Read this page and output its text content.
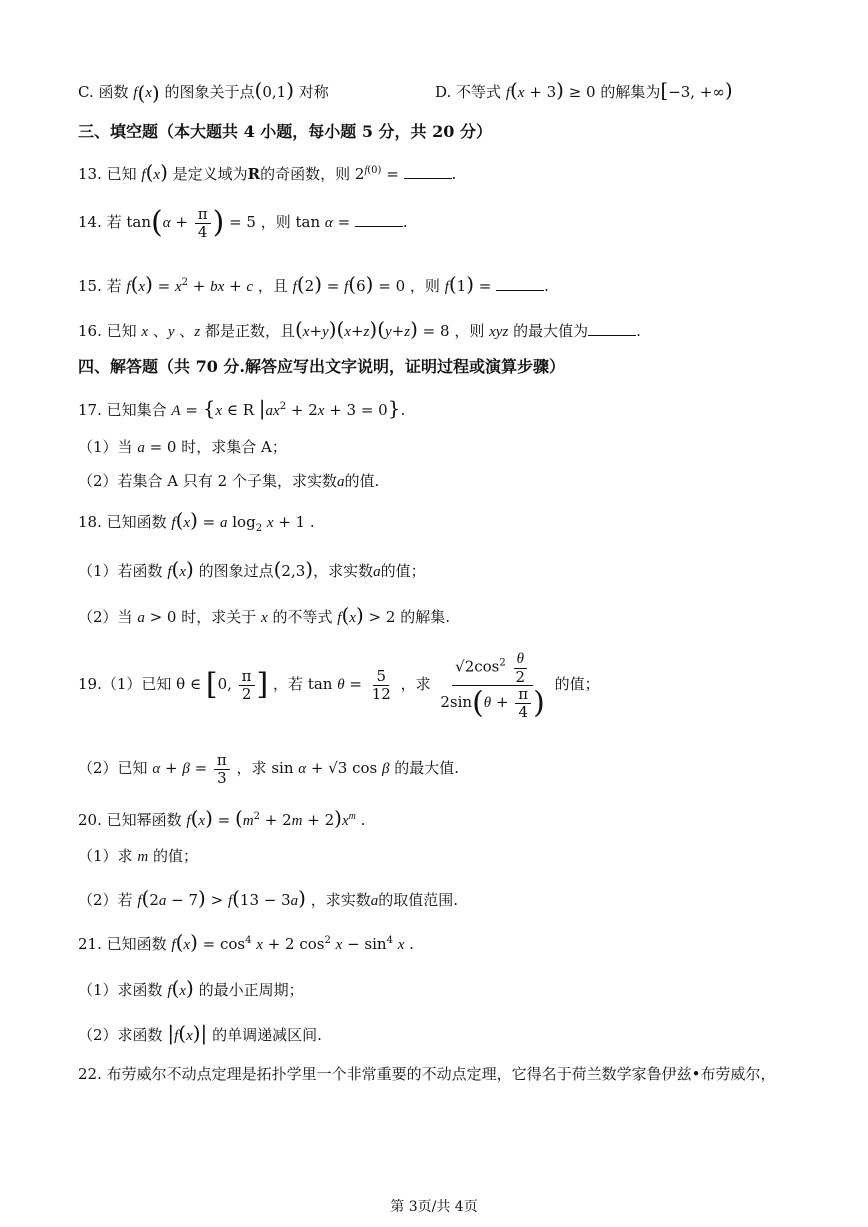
C. 函数 f(x) 的图象关于点(0,1) 对称	D. 不等式 f(x + 3) ≥ 0 的解集为[−3, +∞)
三、填空题（本大题共 4 小题，每小题 5 分，共 20 分）
13. 已知 f(x) 是定义域为R的奇函数，则 $2^{f(0)}$ =	.
14. 若 $\tan(\alpha + \frac{\pi}{4}$ ) = 5 ，则 tan α =	.
15. 若 $f(x) = x^2$ + bx + c ，且 f(2) = f(6) = 0 ，则 f(1) =	.
16. 已知 x 、y 、z 都是正数，且(x+y)(x+z)(y+z) = 8 ，则 xyz 的最大值为	.
四、解答题（共 70 分.解答应写出文字说明，证明过程或演算步骤）
17. 已知集合 A = {x ∈ R $|ax^2 + 2x + 3 = 0$}.
（1）当 a = 0 时，求集合 A；
（2）若集合 A 只有 2 个子集，求实数a的值.
18. 已知函数 f(x) = a $\log_2 x + 1$ .
（1）若函数 f(x) 的图象过点(2,3)，求实数a的值；
（2）当 a > 0 时，求关于 x 的不等式 f(x) > 2 的解集.
19.（1）已知 θ ∈ [0, $\frac{\pi}{2}$ ] ，若 $\tan \theta = \frac{5}{12}$ ，求 $\frac{√2\cos^2 \frac{\theta}{2}}{2\sin(\theta + \frac{\pi}{4} )}$ 的值；
（2）已知 $\alpha + \beta = \frac{\pi}{3}$ ，求 sin α + √3 cos β 的最大值.
20. 已知幂函数 $f(x) = (m^2 + 2m + 2)x^m$ .
（1）求 m 的值；
（2）若 f(2a − 7) > f(13 − 3a) ，求实数a的取值范围.
21. 已知函数 $f(x) = \cos^4 x + 2$ $\cos^2 x - \sin^4 x$ .
（1）求函数 f(x) 的最小正周期；
（2）求函数 |f(x)| 的单调递减区间.
22. 布劳威尔不动点定理是拓扑学里一个非常重要的不动点定理，它得名于荷兰数学家鲁伊兹•布劳威尔，
第 3页/共 4页
